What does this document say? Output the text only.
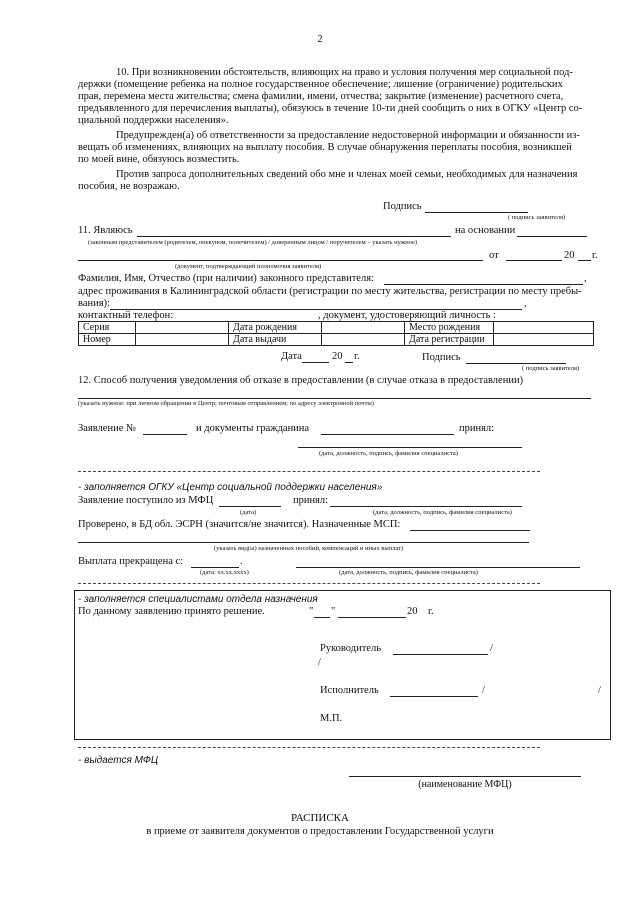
2
10. При возникновении обстоятельств, влияющих на право и условия получения мер социальной под-
держки (помещение ребенка на полное государственное обеспечение; лишение (ограничение) родительских
прав, перемена места жительства; смена фамилии, имени, отчества; закрытие (изменение) расчетного счета,
предъявленного для перечисления выплаты), обязуюсь в течение 10-ти дней сообщить о них в ОГКУ «Центр со-
циальной поддержки населения».
Предупрежден(а) об ответственности за предоставление недостоверной информации и обязанности из-
вещать об изменениях, влияющих на выплату пособия. В случае обнаружения переплаты пособия, возникшей
по моей вине, обязуюсь возместить.
Против запроса дополнительных сведений обо мне и членах моей семьи, необходимых для назначения
пособия, не возражаю.
Подпись
( подпись заявителя)
11. Являюсь	на основании
(законным представителем (родителем, опекуном, попечителем) / доверенным лицом / поручителем – указать нужное)
от	20 г.
(документ, подтверждающий полномочия заявителя)
Фамилия, Имя, Отчество (при наличии) законного представителя:	,
адрес проживания в Калининградской области (регистрации по месту жительства, регистрации по месту пребы-
вания):	,
контактный телефон:	, документ, удостоверяющий личность :
Серия		Дата рождения		Место рождения	
Номер		Дата выдачи		Дата регистрации	
Дата	20 г.	Подпись
( подпись заявителя)
12. Способ получения уведомления об отказе в предоставлении (в случае отказа в предоставлении)
(указать нужное: при личном обращении в Центр; почтовым отправлением; по адресу электронной почты)
Заявление №	и документы гражданина	принял:
(дата, должность, подпись, фамилия специалиста)
- заполняется ОГКУ «Центр социальной поддержки населения»
Заявление поступило из МФЦ	принял:
(дата)	(дата, должность, подпись, фамилия специалиста)
Проверено, в БД обл. ЭСРН (значится/не значится). Назначенные МСП:
(указать вид(ы) назначенных пособий, компенсаций и иных выплат)
Выплата прекращена с:	.
(дата: xx.xx.xxxx)	(дата, должность, подпись, фамилия специалиста)
- заполняется специалистами отдела назначения
По данному заявлению принято решение.	" "	20 г.
Руководитель	/
/
Исполнитель	/	/
М.П.
- выдается МФЦ
(наименование МФЦ)
РАСПИСКА
в приеме от заявителя документов о предоставлении Государственной услуги
